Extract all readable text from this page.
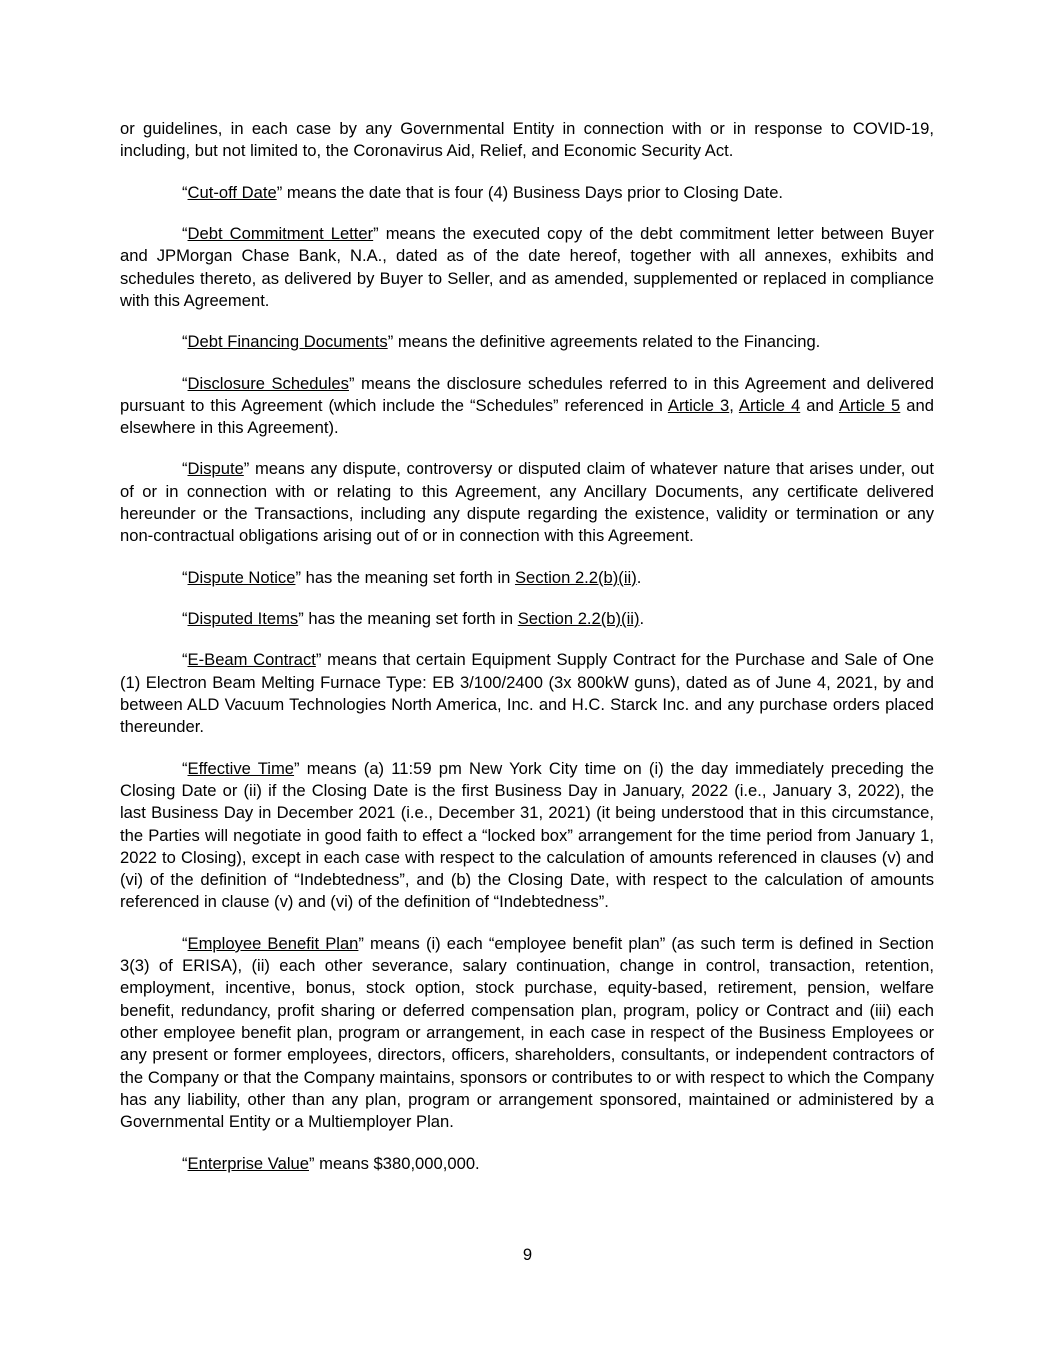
or guidelines, in each case by any Governmental Entity in connection with or in response to COVID-19, including, but not limited to, the Coronavirus Aid, Relief, and Economic Security Act.

“Cut-off Date” means the date that is four (4) Business Days prior to Closing Date.

“Debt Commitment Letter” means the executed copy of the debt commitment letter between Buyer and JPMorgan Chase Bank, N.A., dated as of the date hereof, together with all annexes, exhibits and schedules thereto, as delivered by Buyer to Seller, and as amended, supplemented or replaced in compliance with this Agreement.

“Debt Financing Documents” means the definitive agreements related to the Financing.

“Disclosure Schedules” means the disclosure schedules referred to in this Agreement and delivered pursuant to this Agreement (which include the “Schedules” referenced in Article 3, Article 4 and Article 5 and elsewhere in this Agreement).

“Dispute” means any dispute, controversy or disputed claim of whatever nature that arises under, out of or in connection with or relating to this Agreement, any Ancillary Documents, any certificate delivered hereunder or the Transactions, including any dispute regarding the existence, validity or termination or any non-contractual obligations arising out of or in connection with this Agreement.

“Dispute Notice” has the meaning set forth in Section 2.2(b)(ii).

“Disputed Items” has the meaning set forth in Section 2.2(b)(ii).

“E-Beam Contract” means that certain Equipment Supply Contract for the Purchase and Sale of One (1) Electron Beam Melting Furnace Type: EB 3/100/2400 (3x 800kW guns), dated as of June 4, 2021, by and between ALD Vacuum Technologies North America, Inc. and H.C. Starck Inc. and any purchase orders placed thereunder.

“Effective Time” means (a) 11:59 pm New York City time on (i) the day immediately preceding the Closing Date or (ii) if the Closing Date is the first Business Day in January, 2022 (i.e., January 3, 2022), the last Business Day in December 2021 (i.e., December 31, 2021) (it being understood that in this circumstance, the Parties will negotiate in good faith to effect a “locked box” arrangement for the time period from January 1, 2022 to Closing), except in each case with respect to the calculation of amounts referenced in clauses (v) and (vi) of the definition of “Indebtedness”, and (b) the Closing Date, with respect to the calculation of amounts referenced in clause (v) and (vi) of the definition of “Indebtedness”.

“Employee Benefit Plan” means (i) each “employee benefit plan” (as such term is defined in Section 3(3) of ERISA), (ii) each other severance, salary continuation, change in control, transaction, retention, employment, incentive, bonus, stock option, stock purchase, equity-based, retirement, pension, welfare benefit, redundancy, profit sharing or deferred compensation plan, program, policy or Contract and (iii) each other employee benefit plan, program or arrangement, in each case in respect of the Business Employees or any present or former employees, directors, officers, shareholders, consultants, or independent contractors of the Company or that the Company maintains, sponsors or contributes to or with respect to which the Company has any liability, other than any plan, program or arrangement sponsored, maintained or administered by a Governmental Entity or a Multiemployer Plan.

“Enterprise Value” means $380,000,000.

9
